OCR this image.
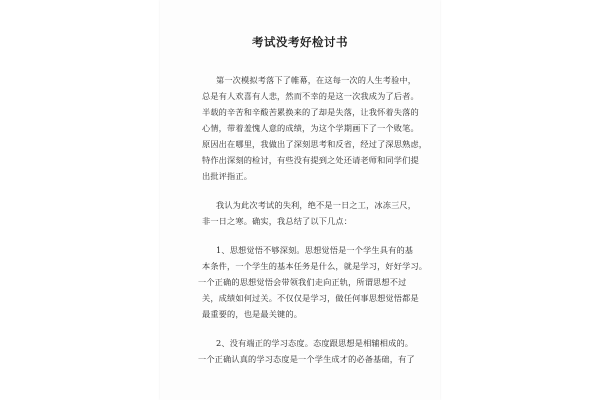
考试没考好检讨书
第一次模拟考落下了帷幕，在这每一次的人生考验中，
总是有人欢喜有人悲，然而不幸的是这一次我成为了后者。
半载的辛苦和辛酸苦累换来的了却是失落，让我怀着失落的
心情，带着羞愧人意的成绩，为这个学期画下了一个败笔。
原因出在哪里，我做出了深刻思考和反省，经过了深思熟虑，
特作出深刻的检讨，有些没有提到之处还请老师和同学们提
出批评指正。
我认为此次考试的失利，绝不是一日之工，冰冻三尺，
非一日之寒。确实，我总结了以下几点：
1、思想觉悟不够深刻。思想觉悟是一个学生具有的基
本条件，一个学生的基本任务是什么，就是学习，好好学习。
一个正确的思想觉悟会带领我们走向正轨，所谓思想不过
关，成绩如何过关。不仅仅是学习，做任何事思想觉悟都是
最重要的，也是最关键的。
2、没有端正的学习态度。态度跟思想是相辅相成的。
一个正确认真的学习态度是一个学生成才的必备基础，有了
